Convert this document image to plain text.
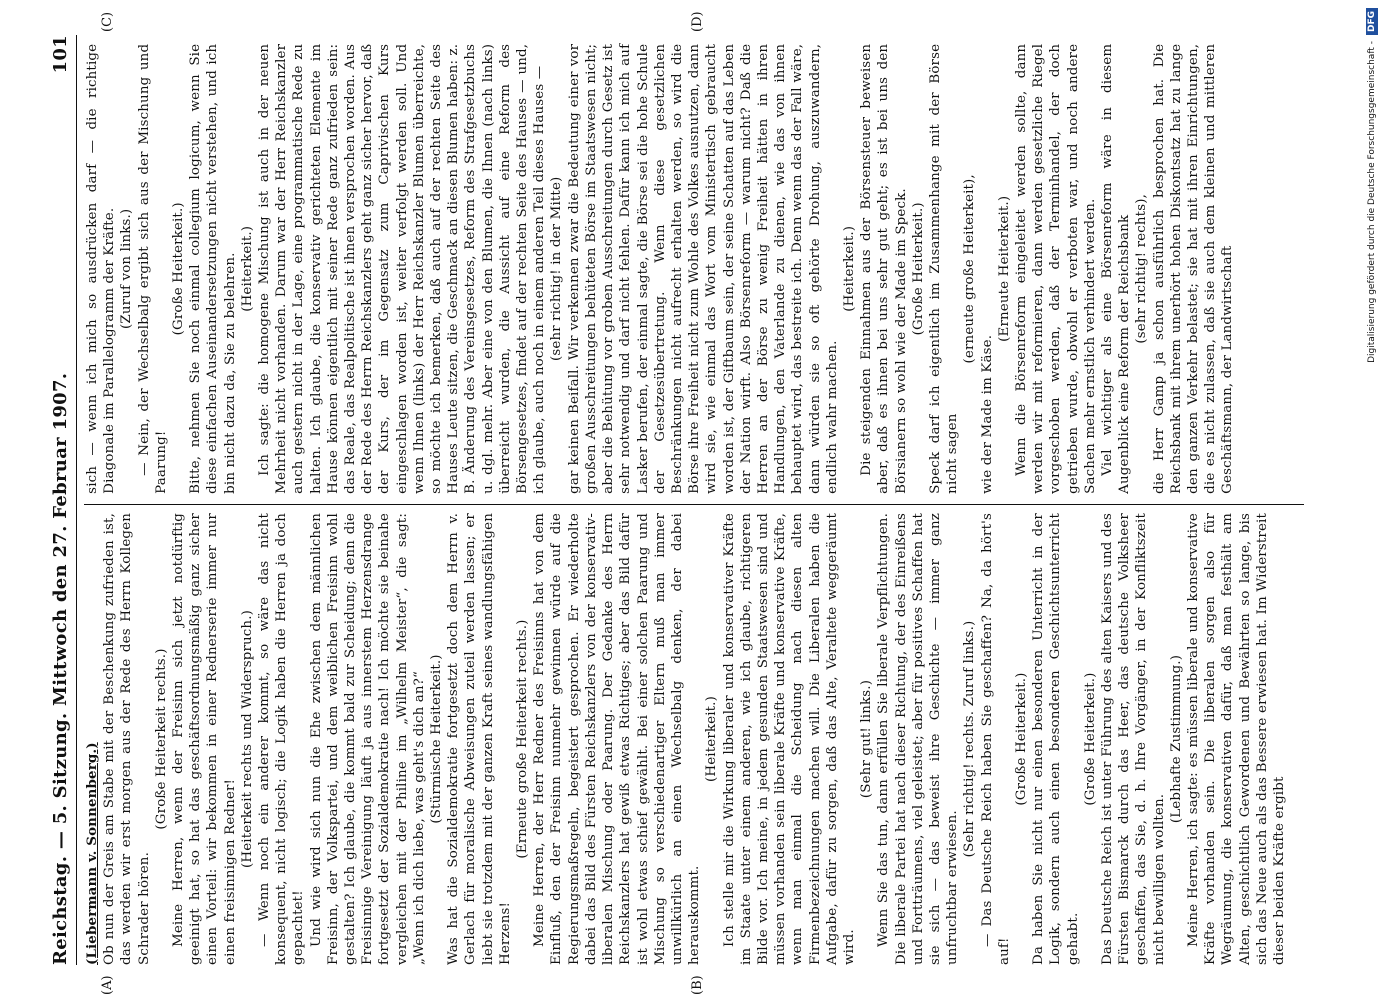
Reichstag. — 5. Sitzung. Mittwoch den 27. Februar 1907.
101
(Liebermann v. Sonnenberg.) Ob nun der Greis am Stabe mit der Beschenkung zufrieden ist, das werden wir erst morgen aus der Rede des Herrn Kollegen Schrader hören.
(Große Heiterkeit rechts.) Meine Herren, wenn der Freisinn sich jetzt notdürftig geeinigt hat, so hat das geschäftsordnungsmäßig ganz sicher einen Vorteil: wir bekommen in einer Rednerserie immer nur einen freisinnigen Redner!
(Heiterkeit rechts und Widerspruch.) — Wenn noch ein anderer kommt, so wäre das nicht konsequent, nicht logisch; die Logik haben die Herren ja doch gepachtet! Und wie wird sich nun die Ehe zwischen dem männlichen Freisinn, der Volkspartei, und dem weiblichen Freisinn wohl gestalten? Ich glaube, die kommt bald zur Scheidung; denn die Freisinnige Vereinigung läuft ja aus innerstem Herzensdrange fortgesetzt der Sozialdemokratie nach! Ich möchte sie beinahe vergleichen mit der Philine im „Wilhelm Meister“, die sagt: „Wenn ich dich liebe, was geht's dich an?“ (Stürmische Heiterkeit.) Was hat die Sozialdemokratie fortgesetzt doch dem Herrn v. Gerlach für moralische Abweisungen zuteil werden lassen; er liebt sie trotzdem mit der ganzen Kraft seines wandlungsfähigen Herzens!
(Erneute große Heiterkeit rechts.) Meine Herren, der Herr Redner des Freisinns hat von dem Einfluß, den der Freisinn nunmehr gewinnen würde auf die Regierungsmaßregeln, begeistert gesprochen. Er wiederholte dabei das Bild des Fürsten Reichskanzlers von der konservativ-liberalen Mischung oder Paarung. Der Gedanke des Herrn Reichskanzlers hat gewiß etwas Richtiges; aber das Bild dafür ist wohl etwas schief gewählt. Bei einer solchen Paarung und Mischung so verschiedenartiger Eltern muß man immer unwillkürlich an einen Wechselbalg denken, der dabei herauskommt.
(Heiterkeit.) Ich stelle mir die Wirkung liberaler und konservativer Kräfte im Staate unter einem anderen, wie ich glaube, richtigeren Bilde vor. Ich meine, in jedem gesunden Staatswesen sind und müssen vorhanden sein liberale Kräfte und konservative Kräfte, wenn man einmal die Scheidung nach diesen alten Firmenbezeichnungen machen will. Die Liberalen haben die Aufgabe, dafür zu sorgen, daß das Alte, Veraltete weggeräumt wird.
(Sehr gut! links.) Wenn Sie das tun, dann erfüllen Sie liberale Verpflichtungen. Die liberale Partei hat nach dieser Richtung, der des Einreißens und Fortträumens, viel geleistet; aber für positives Schaffen hat sie sich — das beweist ihre Geschichte — immer ganz unfruchtbar erwiesen.
(Sehr richtig! rechts. Zuruf links.) — Das Deutsche Reich haben Sie geschaffen? Na, da hört's auf!
(Große Heiterkeit.) Da haben Sie nicht nur einen besonderen Unterricht in der Logik, sondern auch einen besonderen Geschichtsunterricht gehabt.
(Große Heiterkeit.) Das Deutsche Reich ist unter Führung des alten Kaisers und des Fürsten Bismarck durch das Heer, das deutsche Volksheer geschaffen, das Sie, d. h. Ihre Vorgänger, in der Konfliktszeit nicht bewilligen wollten.
(Lebhafte Zustimmung.) Meine Herren, ich sagte: es müssen liberale und konservative Kräfte vorhanden sein. Die liberalen sorgen also für Wegräumung, die konservativen dafür, daß man festhält am Alten, geschichtlich Gewordenen und Bewährten so lange, bis sich das Neue auch als das Bessere erwiesen hat. Im Widerstreit dieser beiden Kräfte ergibt
sich — wenn ich mich so ausdrücken darf — die richtige Diagonale im Parallelogramm der Kräfte. (Zuruf von links.) — Nein, der Wechselbalg ergibt sich aus der Mischung und Paarung!
(Große Heiterkeit.) Bitte, nehmen Sie noch einmal collegium logicum, wenn Sie diese einfachen Auseinandersetzungen nicht verstehen, und ich bin nicht dazu da, Sie zu belehren. (Heiterkeit.) Ich sagte: die homogene Mischung ist auch in der neuen Mehrheit nicht vorhanden. Darum war der Herr Reichskanzler auch gestern nicht in der Lage, eine programmatische Rede zu halten. Ich glaube, die konservativ gerichteten Elemente im Hause können eigentlich mit seiner Rede ganz zufrieden sein: das Reale, das Realpolitische ist ihnen versprochen worden. Aus der Rede des Herrn Reichskanzlers geht ganz sicher hervor, daß der Kurs, der im Gegensatz zum Caprivischen Kurs eingeschlagen worden ist, weiter verfolgt werden soll. Und wenn Ihnen (links) der Herr Reichskanzler Blumen überreichte, so möchte ich bemerken, daß auch auf der rechten Seite des Hauses Leute sitzen, die Geschmack an diesen Blumen haben: z. B. Änderung des Vereinsgesetzes, Reform des Strafgesetzbuchs u. dgl. mehr. Aber eine von den Blumen, die Ihnen (nach links) überreicht wurden, die Aussicht auf eine Reform des Börsengesetzes, findet auf der rechten Seite des Hauses — und, ich glaube, auch noch in einem anderen Teil dieses Hauses — (sehr richtig! in der Mitte) gar keinen Beifall. Wir verkennen zwar die Bedeutung einer vor großen Ausschreitungen behüteten Börse im Staatswesen nicht; aber die Behütung vor groben Ausschreitungen durch Gesetz ist sehr notwendig und darf nicht fehlen. Dafür kann ich mich auf Lasker berufen, der einmal sagte, die Börse sei die hohe Schule der Gesetzesübertretung. Wenn diese gesetzlichen Beschränkungen nicht aufrecht erhalten werden, so wird die Börse ihre Freiheit nicht zum Wohle des Volkes ausnutzen, dann wird sie, wie einmal das Wort vom Ministertisch gebraucht worden ist, der Giftbaum sein, der seine Schatten auf das Leben der Nation wirft. Also Börsenreform — warum nicht? Daß die Herren an der Börse zu wenig Freiheit hätten in ihren Handlungen, den Vaterlande zu dienen, wie das von ihnen behauptet wird, das bestreite ich. Denn wenn das der Fall wäre, dann würden sie so oft gehörte Drohung, auszuwandern, endlich wahr machen.
(Heiterkeit.) Die steigenden Einnahmen aus der Börsensteuer beweisen aber, daß es ihnen bei uns sehr gut geht; es ist bei uns den Börsianern so wohl wie der Made im Speck. (Große Heiterkeit.) Speck darf ich eigentlich im Zusammenhange mit der Börse nicht sagen
(erneute große Heiterkeit),
wie der Made im Käse.
(Erneute Heiterkeit.) Wenn die Börsenreform eingeleitet werden sollte, dann werden wir mit reformieren, dann werden gesetzliche Riegel vorgeschoben werden, daß der Terminhandel, der doch getrieben wurde, obwohl er verboten war, und noch andere Sachen mehr ernstlich verhindert werden. Viel wichtiger als eine Börsenreform wäre in diesem Augenblick eine Reform der Reichsbank (sehr richtig! rechts), die Herr Gamp ja schon ausführlich besprochen hat. Die Reichsbank mit ihrem unerhört hohen Diskontsatz hat zu lange den ganzen Verkehr belastet; sie hat mit ihren Einrichtungen, die es nicht zulassen, daß sie auch dem kleinen und mittleren Geschäftsmann, der Landwirtschaft
(A)	(B)
(C)	(D)
Digitalisierung gefördert durch die Deutsche Forschungsgemeinschaft -
DFG
